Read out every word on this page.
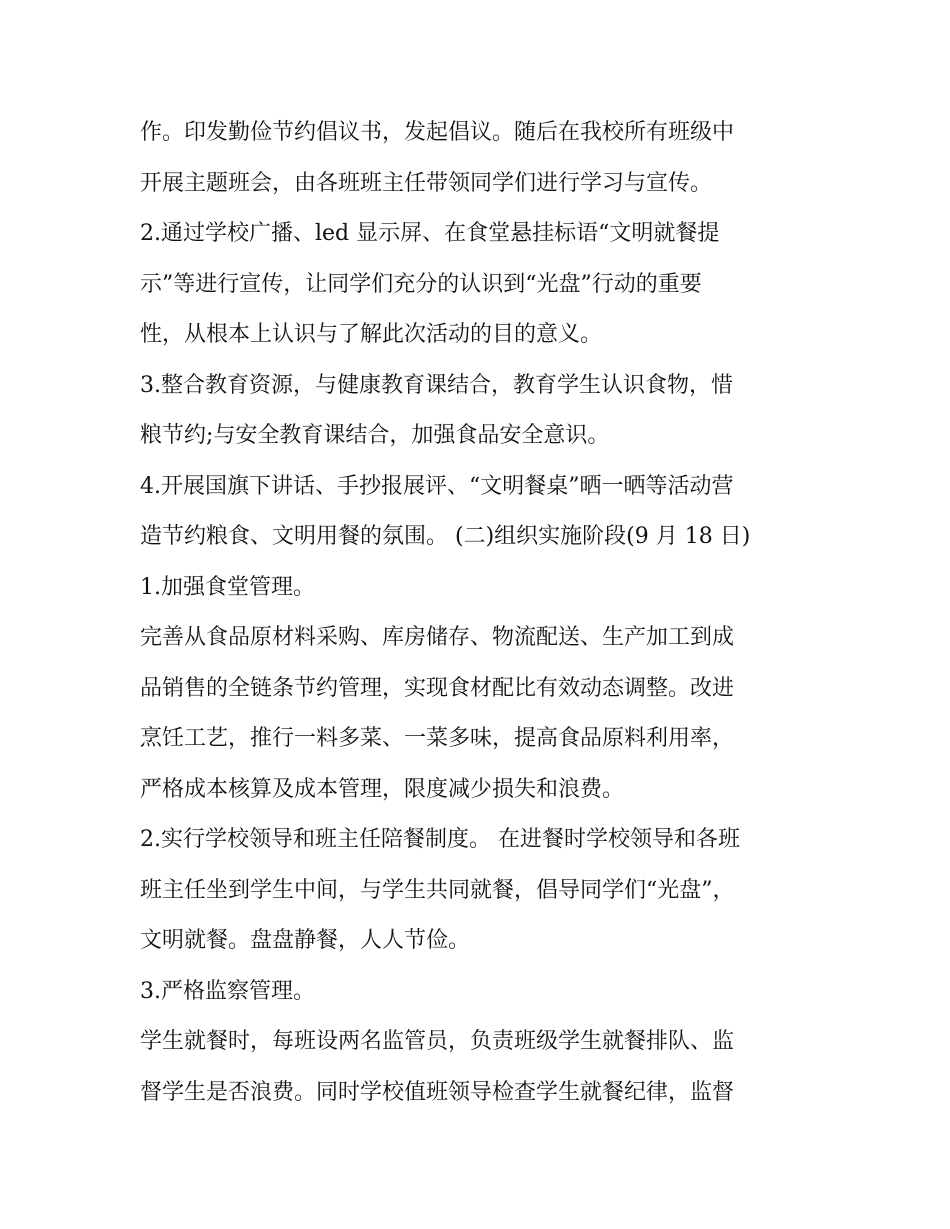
作。印发勤俭节约倡议书，发起倡议。随后在我校所有班级中
开展主题班会，由各班班主任带领同学们进行学习与宣传。
2.通过学校广播、led 显示屏、在食堂悬挂标语“文明就餐提
示”等进行宣传，让同学们充分的认识到“光盘”行动的重要
性，从根本上认识与了解此次活动的目的意义。
3.整合教育资源，与健康教育课结合，教育学生认识食物，惜
粮节约;与安全教育课结合，加强食品安全意识。
4.开展国旗下讲话、手抄报展评、“文明餐桌”晒一晒等活动营
造节约粮食、文明用餐的氛围。 (二)组织实施阶段(9 月 18 日)
1.加强食堂管理。
完善从食品原材料采购、库房储存、物流配送、生产加工到成
品销售的全链条节约管理，实现食材配比有效动态调整。改进
烹饪工艺，推行一料多菜、一菜多味，提高食品原料利用率，
严格成本核算及成本管理，限度减少损失和浪费。
2.实行学校领导和班主任陪餐制度。 在进餐时学校领导和各班
班主任坐到学生中间，与学生共同就餐，倡导同学们“光盘”，
文明就餐。盘盘静餐，人人节俭。
3.严格监察管理。
学生就餐时，每班设两名监管员，负责班级学生就餐排队、监
督学生是否浪费。同时学校值班领导检查学生就餐纪律，监督
